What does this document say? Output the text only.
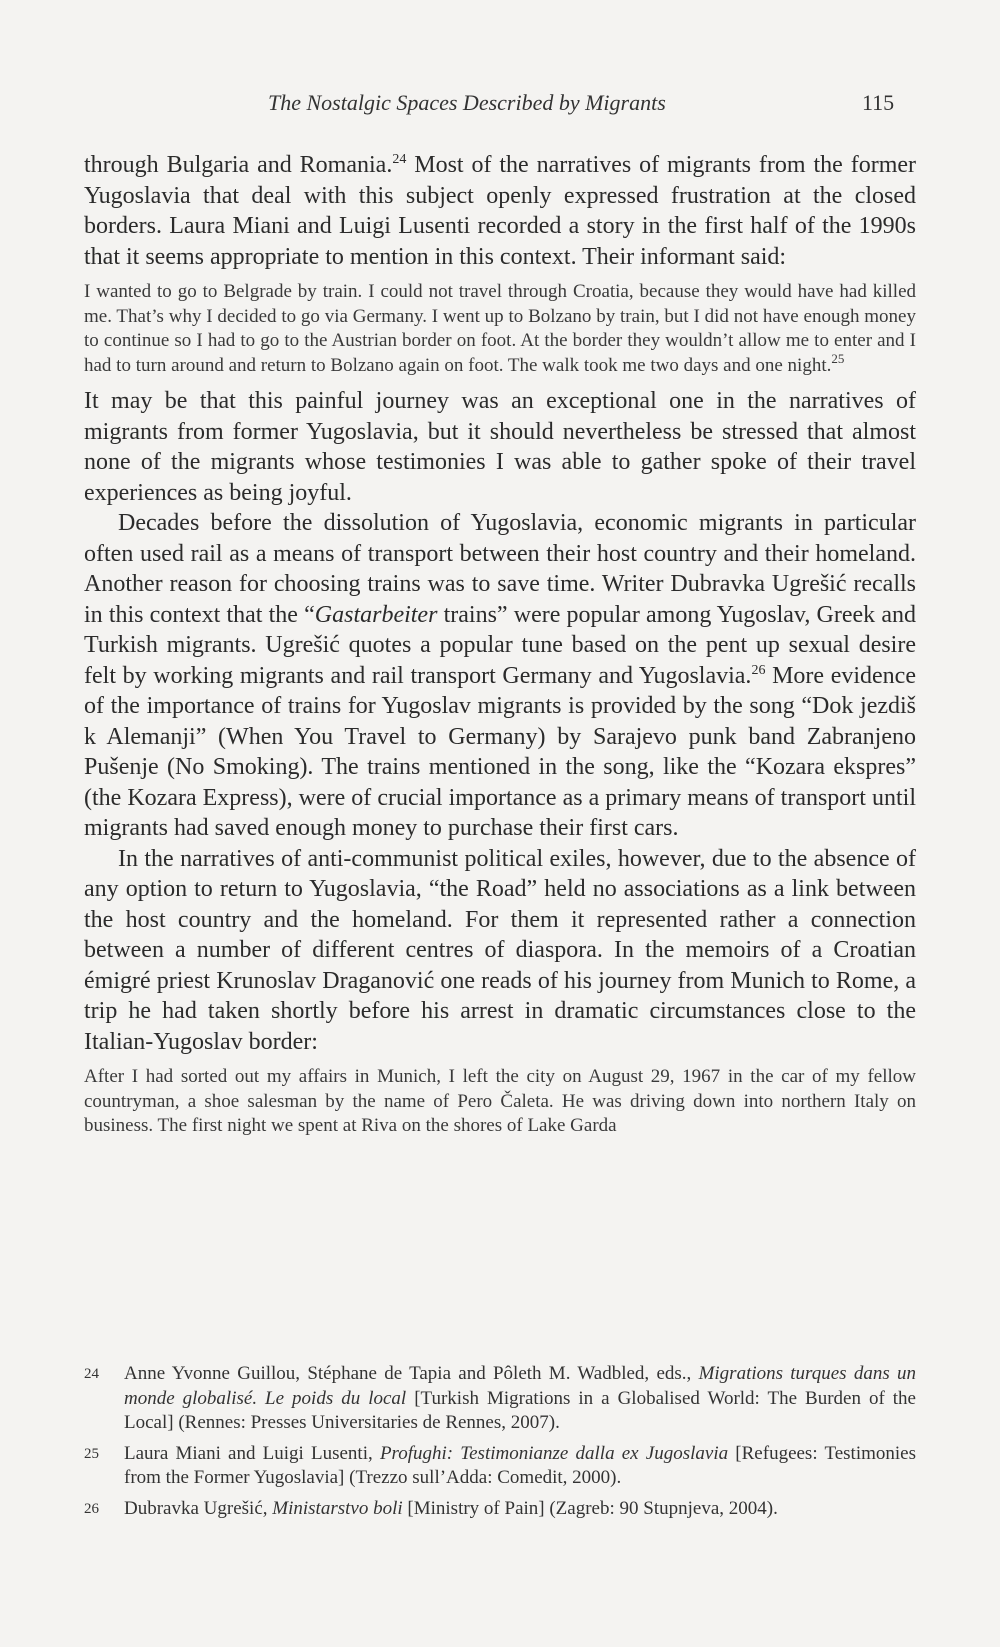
The Nostalgic Spaces Described by Migrants	115

through Bulgaria and Romania.$^{24}$ Most of the narratives of migrants from the former Yugoslavia that deal with this subject openly expressed frustration at the closed borders. Laura Miani and Luigi Lusenti recorded a story in the first half of the 1990s that it seems appropriate to mention in this context. Their informant said:

I wanted to go to Belgrade by train. I could not travel through Croatia, because they would have had killed me. That’s why I decided to go via Germany. I went up to Bolzano by train, but I did not have enough money to continue so I had to go to the Austrian border on foot. At the border they wouldn’t allow me to enter and I had to turn around and return to Bolzano again on foot. The walk took me two days and one night.$^{25}$

It may be that this painful journey was an exceptional one in the narratives of migrants from former Yugoslavia, but it should nevertheless be stressed that almost none of the migrants whose testimonies I was able to gather spoke of their travel experiences as being joyful.

Decades before the dissolution of Yugoslavia, economic migrants in particular often used rail as a means of transport between their host country and their homeland. Another reason for choosing trains was to save time. Writer Dubravka Ugrešić recalls in this context that the “Gastarbeiter trains” were popular among Yugoslav, Greek and Turkish migrants. Ugrešić quotes a popular tune based on the pent up sexual desire felt by working migrants and rail transport Germany and Yugoslavia.$^{26}$ More evidence of the importance of trains for Yugoslav migrants is provided by the song “Dok jezdiš k Alemanji” (When You Travel to Germany) by Sarajevo punk band Zabranjeno Pušenje (No Smoking). The trains mentioned in the song, like the “Kozara ekspres” (the Kozara Express), were of crucial importance as a primary means of transport until migrants had saved enough money to purchase their first cars.

In the narratives of anti-communist political exiles, however, due to the absence of any option to return to Yugoslavia, “the Road” held no associations as a link between the host country and the homeland. For them it represented rather a connection between a number of different centres of diaspora. In the memoirs of a Croatian émigré priest Krunoslav Draganović one reads of his journey from Munich to Rome, a trip he had taken shortly before his arrest in dramatic circumstances close to the Italian-Yugoslav border:

After I had sorted out my affairs in Munich, I left the city on August 29, 1967 in the car of my fellow countryman, a shoe salesman by the name of Pero Čaleta. He was driving down into northern Italy on business. The first night we spent at Riva on the shores of Lake Garda
24	Anne Yvonne Guillou, Stéphane de Tapia and Pôleth M. Wadbled, eds., Migrations turques dans un monde globalisé. Le poids du local [Turkish Migrations in a Globalised World: The Burden of the Local] (Rennes: Presses Universitaries de Rennes, 2007).
25	Laura Miani and Luigi Lusenti, Profughi: Testimonianze dalla ex Jugoslavia [Refugees: Testimonies from the Former Yugoslavia] (Trezzo sull’Adda: Comedit, 2000).
26	Dubravka Ugrešić, Ministarstvo boli [Ministry of Pain] (Zagreb: 90 Stupnjeva, 2004).
